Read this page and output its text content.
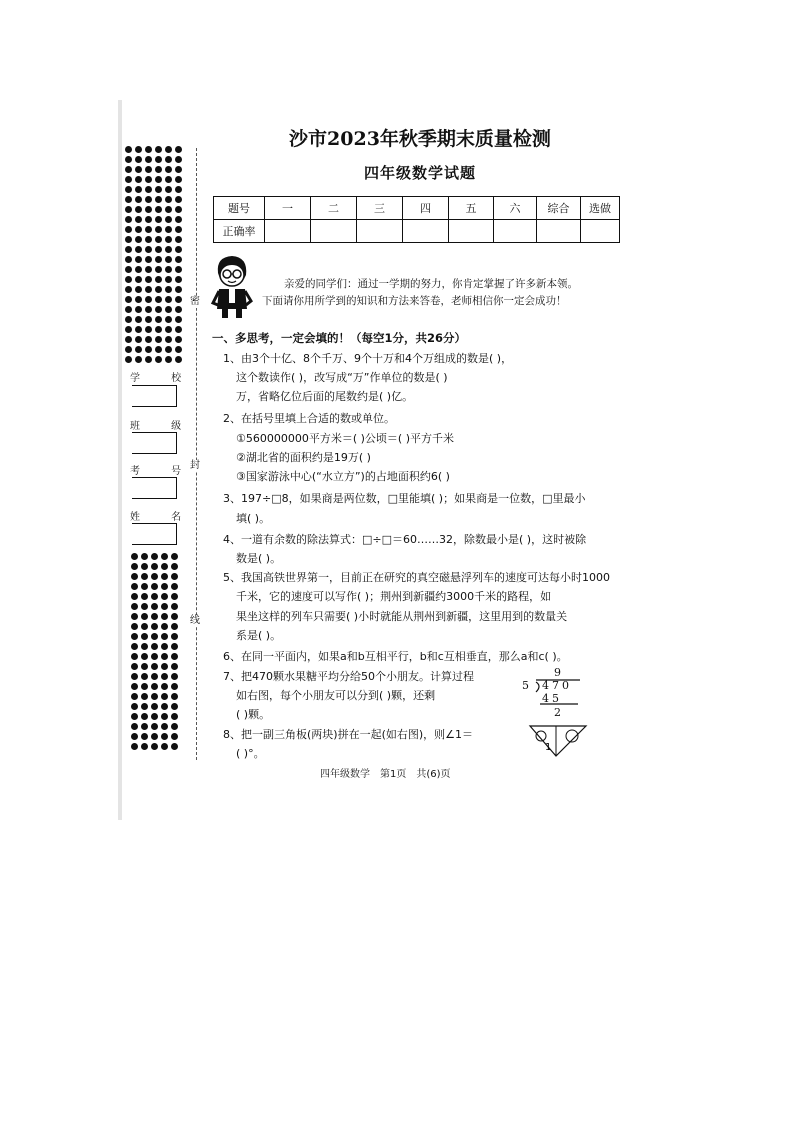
密
封
线
学 校
班 级
考 号
姓 名
沙市2023年秋季期末质量检测
四年级数学试题
题号	一	二	三	四	五	六	综合	选做
正确率								
亲爱的同学们：通过一学期的努力，你肯定掌握了许多新本领。
下面请你用所学到的知识和方法来答卷，老师相信你一定会成功！
一、多思考，一定会填的！（每空1分，共26分）
1、由3个十亿、8个千万、9个十万和4个万组成的数是( )，
这个数读作( )，改写成“万”作单位的数是( )
万，省略亿位后面的尾数约是( )亿。
2、在括号里填上合适的数或单位。
①560000000平方米＝( )公顷＝( )平方千米
②湖北省的面积约是19万( )
③国家游泳中心(“水立方”)的占地面积约6( )
3、197÷□8，如果商是两位数，□里能填( )；如果商是一位数，□里最小
填( )。
4、一道有余数的除法算式：□÷□＝60……32，除数最小是( )，这时被除
数是( )。
5、我国高铁世界第一，目前正在研究的真空磁悬浮列车的速度可达每小时1000
千米，它的速度可以写作( )；荆州到新疆约3000千米的路程，如
果坐这样的列车只需要( )小时就能从荆州到新疆，这里用到的数量关
系是( )。
6、在同一平面内，如果a和b互相平行，b和c互相垂直，那么a和c( )。
7、把470颗水果糖平均分给50个小朋友。计算过程
如右图，每个小朋友可以分到( )颗，还剩
( )颗。
8、把一副三角板(两块)拼在一起(如右图)，则∠1＝
( )°。
9
5 470
45
2
1
四年级数学　第1页　共(6)页
